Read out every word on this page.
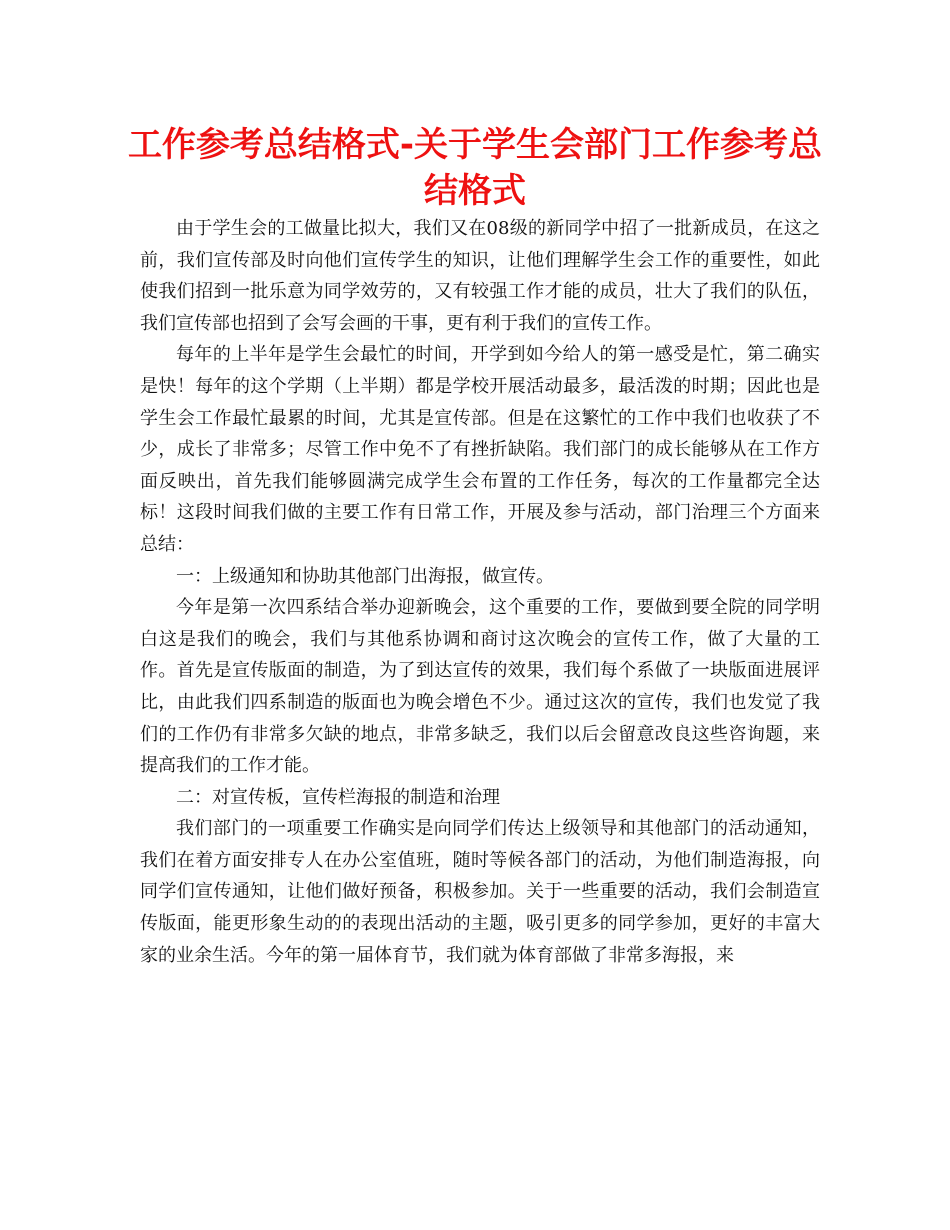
工作参考总结格式-关于学生会部门工作参考总结格式

由于学生会的工做量比拟大，我们又在08级的新同学中招了一批新成员，在这之前，我们宣传部及时向他们宣传学生的知识，让他们理解学生会工作的重要性，如此使我们招到一批乐意为同学效劳的，又有较强工作才能的成员，壮大了我们的队伍，我们宣传部也招到了会写会画的干事，更有利于我们的宣传工作。

每年的上半年是学生会最忙的时间，开学到如今给人的第一感受是忙，第二确实是快！每年的这个学期（上半期）都是学校开展活动最多，最活泼的时期；因此也是学生会工作最忙最累的时间，尤其是宣传部。但是在这繁忙的工作中我们也收获了不少，成长了非常多；尽管工作中免不了有挫折缺陷。我们部门的成长能够从在工作方面反映出，首先我们能够圆满完成学生会布置的工作任务，每次的工作量都完全达标！这段时间我们做的主要工作有日常工作，开展及参与活动，部门治理三个方面来总结：

一：上级通知和协助其他部门出海报，做宣传。

今年是第一次四系结合举办迎新晚会，这个重要的工作，要做到要全院的同学明白这是我们的晚会，我们与其他系协调和商讨这次晚会的宣传工作，做了大量的工作。首先是宣传版面的制造，为了到达宣传的效果，我们每个系做了一块版面进展评比，由此我们四系制造的版面也为晚会增色不少。通过这次的宣传，我们也发觉了我们的工作仍有非常多欠缺的地点，非常多缺乏，我们以后会留意改良这些咨询题，来提高我们的工作才能。

二：对宣传板，宣传栏海报的制造和治理

我们部门的一项重要工作确实是向同学们传达上级领导和其他部门的活动通知，我们在着方面安排专人在办公室值班，随时等候各部门的活动，为他们制造海报，向同学们宣传通知，让他们做好预备，积极参加。关于一些重要的活动，我们会制造宣传版面，能更形象生动的的表现出活动的主题，吸引更多的同学参加，更好的丰富大家的业余生活。今年的第一届体育节，我们就为体育部做了非常多海报，来
